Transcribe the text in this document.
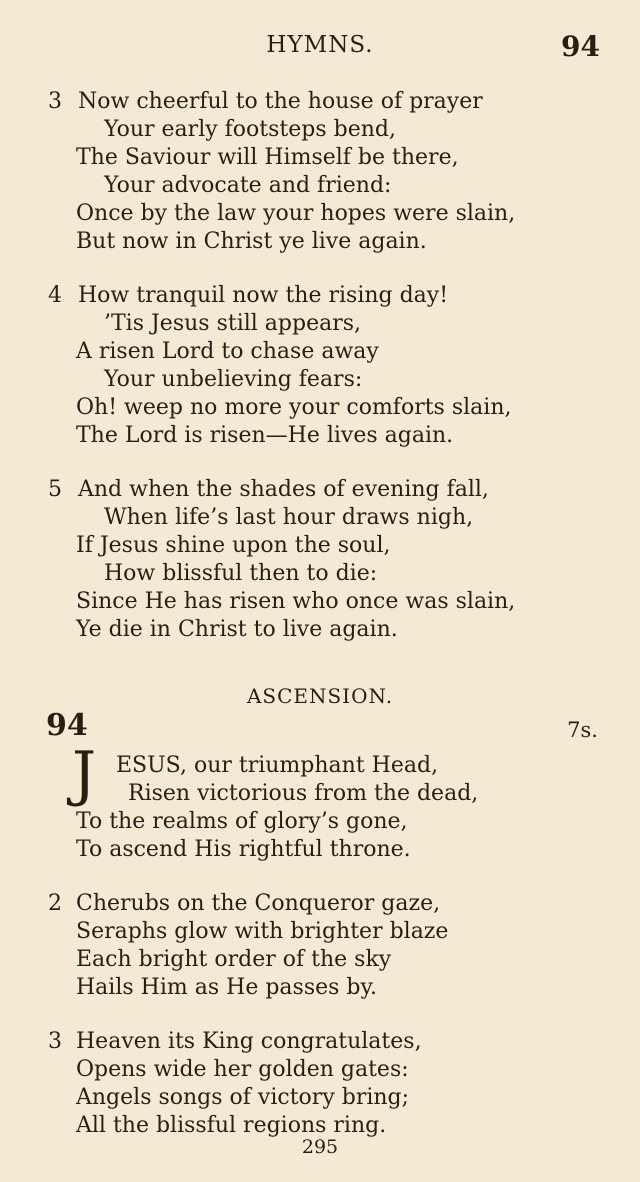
HYMNS.	94
3 Now cheerful to the house of prayer
Your early footsteps bend,
The Saviour will Himself be there,
Your advocate and friend:
Once by the law your hopes were slain,
But now in Christ ye live again.
4 How tranquil now the rising day!
’Tis Jesus still appears,
A risen Lord to chase away
Your unbelieving fears:
Oh! weep no more your comforts slain,
The Lord is risen—He lives again.
5 And when the shades of evening fall,
When life’s last hour draws nigh,
If Jesus shine upon the soul,
How blissful then to die:
Since He has risen who once was slain,
Ye die in Christ to live again.
ASCENSION.
94	7s.
J ESUS, our triumphant Head,
Risen victorious from the dead,
To the realms of glory’s gone,
To ascend His rightful throne.
2 Cherubs on the Conqueror gaze,
Seraphs glow with brighter blaze
Each bright order of the sky
Hails Him as He passes by.
3 Heaven its King congratulates,
Opens wide her golden gates:
Angels songs of victory bring;
All the blissful regions ring.
295
